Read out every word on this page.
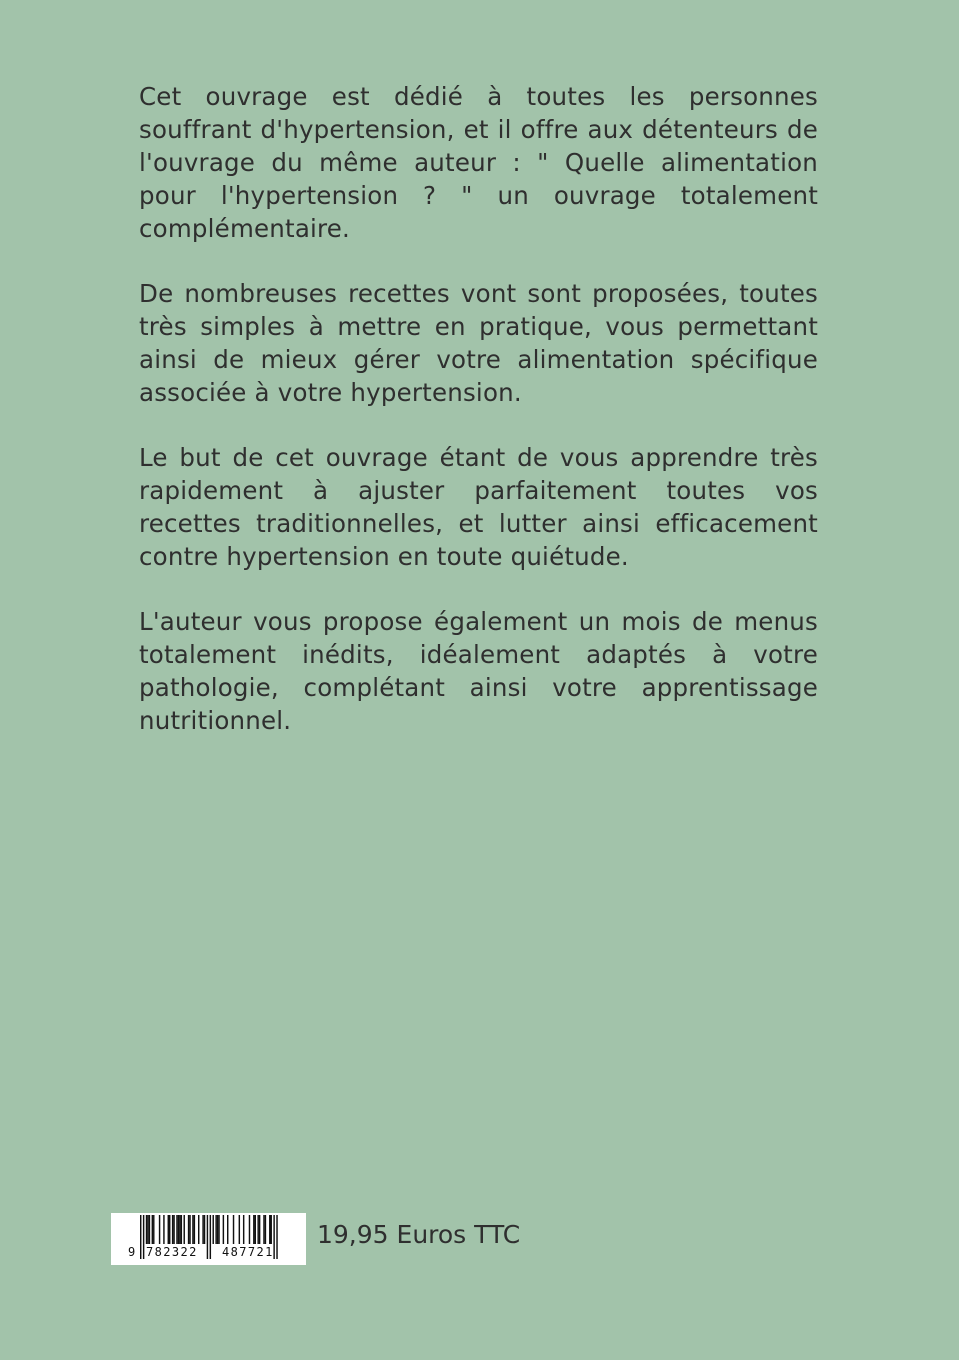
Cet ouvrage est dédié à toutes les personnes souffrant d'hypertension, et il offre aux détenteurs de l'ouvrage du même auteur : " Quelle alimentation pour l'hypertension ? " un ouvrage totalement complémentaire.

De nombreuses recettes vont sont proposées, toutes très simples à mettre en pratique, vous permettant ainsi de mieux gérer votre alimentation spécifique associée à votre hypertension.

Le but de cet ouvrage étant de vous apprendre très rapidement à ajuster parfaitement toutes vos recettes traditionnelles, et lutter ainsi efficacement contre hypertension en toute quiétude.

L'auteur vous propose également un mois de menus totalement inédits, idéalement adaptés à votre pathologie, complétant ainsi votre apprentissage nutritionnel.

9 782322 487721
19,95 Euros TTC
